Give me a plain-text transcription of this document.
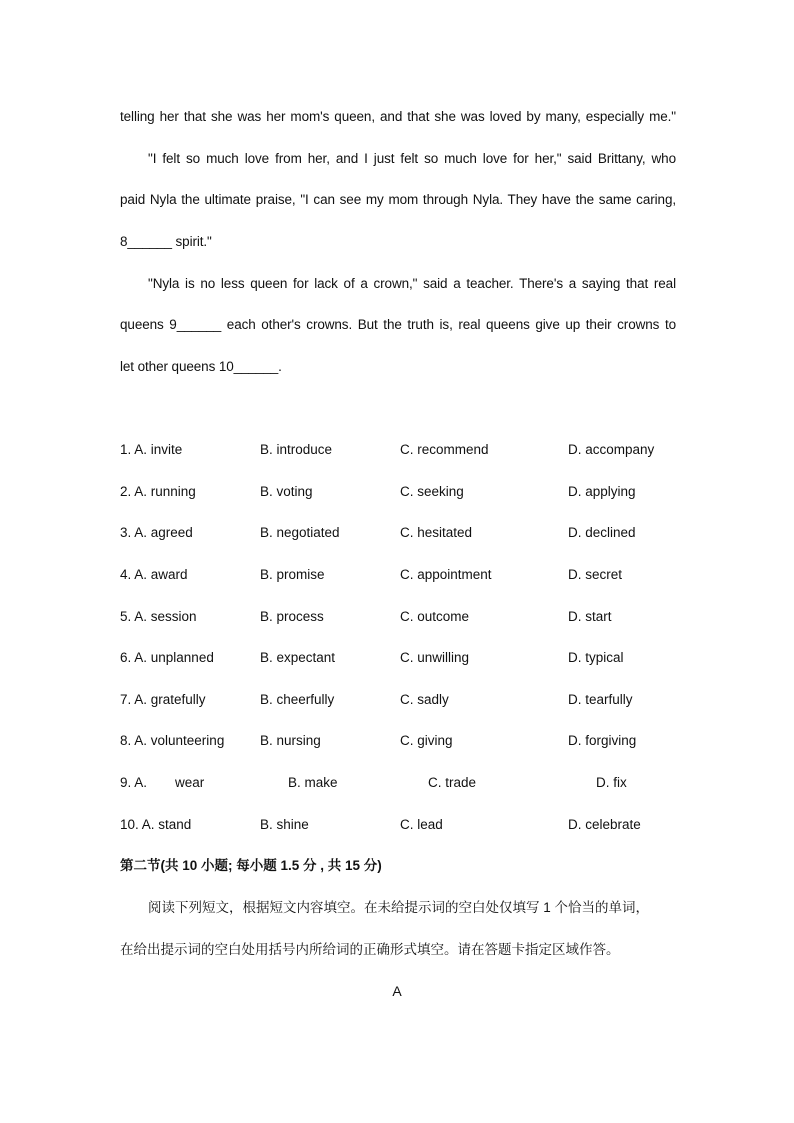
telling her that she was her mom's queen, and that she was loved by many, especially me."
"I felt so much love from her, and I just felt so much love for her," said Brittany, who
paid Nyla the ultimate praise, "I can see my mom through Nyla. They have the same caring,
8______ spirit."
"Nyla is no less queen for lack of a crown," said a teacher. There's a saying that real
queens 9______ each other's crowns. But the truth is, real queens give up their crowns to
let other queens 10______.
1. A. invite	B. introduce	C. recommend	D. accompany
2. A. running	B. voting	C. seeking	D. applying
3. A. agreed	B. negotiated	C. hesitated	D. declined
4. A. award	B. promise	C. appointment	D. secret
5. A. session	B. process	C. outcome	D. start
6. A. unplanned	B. expectant	C. unwilling	D. typical
7. A. gratefully	B. cheerfully	C. sadly	D. tearfully
8. A. volunteering	B. nursing	C. giving	D. forgiving
9. A. wear	B. make	C. trade	D. fix
10. A. stand	B. shine	C. lead	D. celebrate
第二节(共 10 小题; 每小题 1.5 分 , 共 15 分)
阅读下列短文，根据短文内容填空。在未给提示词的空白处仅填写 1 个恰当的单词，
在给出提示词的空白处用括号内所给词的正确形式填空。请在答题卡指定区域作答。
A
